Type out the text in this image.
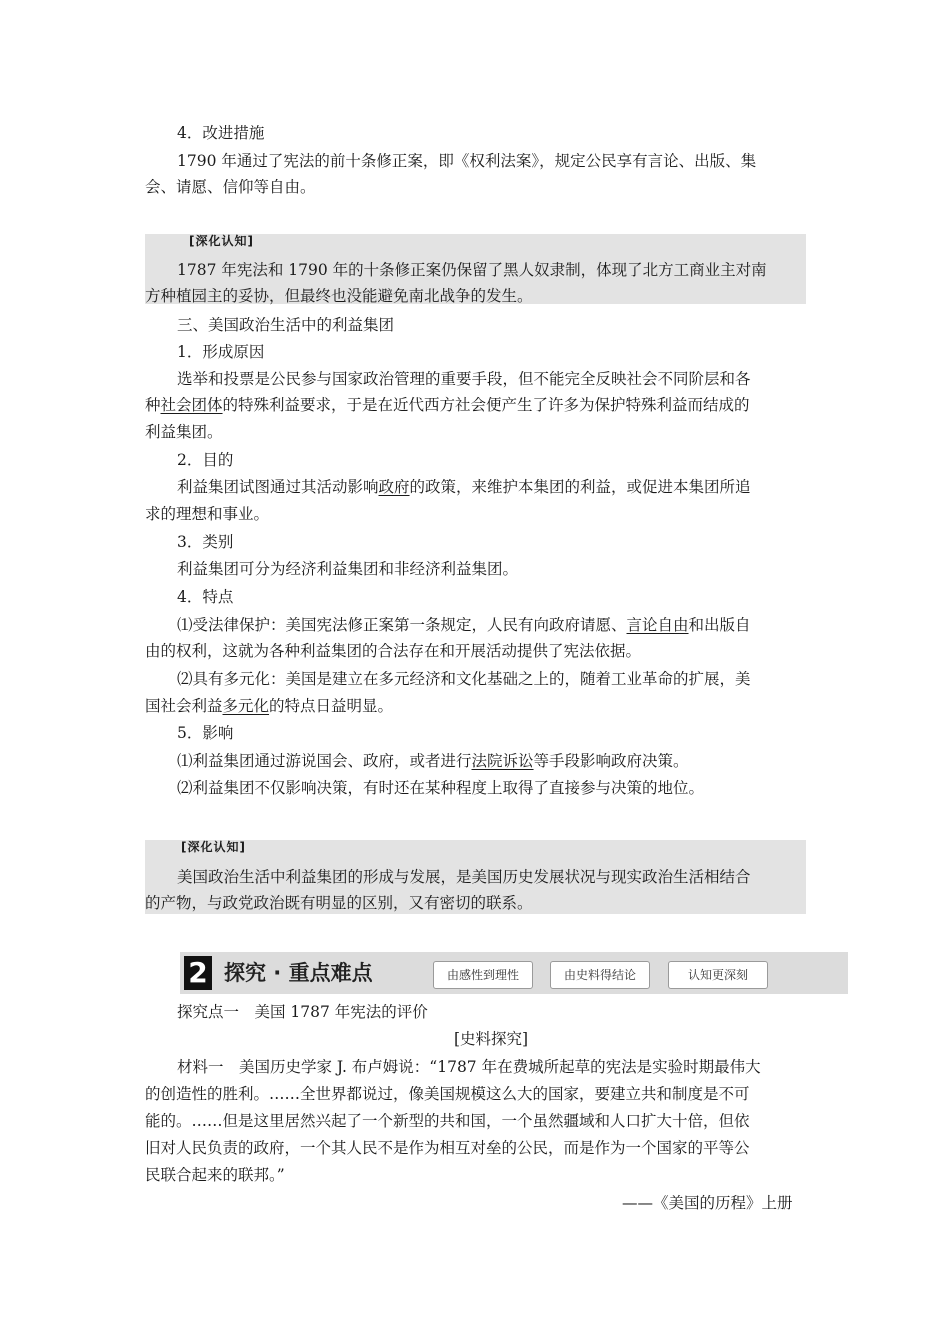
4．改进措施
1790 年通过了宪法的前十条修正案，即《权利法案》，规定公民享有言论、出版、集
会、请愿、信仰等自由。
[深化认知]
1787 年宪法和 1790 年的十条修正案仍保留了黑人奴隶制，体现了北方工商业主对南
方种植园主的妥协，但最终也没能避免南北战争的发生。
三、美国政治生活中的利益集团
1．形成原因
选举和投票是公民参与国家政治管理的重要手段，但不能完全反映社会不同阶层和各
种社会团体的特殊利益要求，于是在近代西方社会便产生了许多为保护特殊利益而结成的
利益集团。
2．目的
利益集团试图通过其活动影响政府的政策，来维护本集团的利益，或促进本集团所追
求的理想和事业。
3．类别
利益集团可分为经济利益集团和非经济利益集团。
4．特点
⑴受法律保护：美国宪法修正案第一条规定，人民有向政府请愿、言论自由和出版自
由的权利，这就为各种利益集团的合法存在和开展活动提供了宪法依据。
⑵具有多元化：美国是建立在多元经济和文化基础之上的，随着工业革命的扩展，美
国社会利益多元化的特点日益明显。
5．影响
⑴利益集团通过游说国会、政府，或者进行法院诉讼等手段影响政府决策。
⑵利益集团不仅影响决策，有时还在某种程度上取得了直接参与决策的地位。
[深化认知]
美国政治生活中利益集团的形成与发展，是美国历史发展状况与现实政治生活相结合
的产物，与政党政治既有明显的区别，又有密切的联系。
2 探究 · 重点难点	由感性到理性	由史料得结论	认知更深刻
探究点一　美国 1787 年宪法的评价
[史料探究]
材料一　美国历史学家 J. 布卢姆说：“1787 年在费城所起草的宪法是实验时期最伟大
的创造性的胜利。……全世界都说过，像美国规模这么大的国家，要建立共和制度是不可
能的。……但是这里居然兴起了一个新型的共和国，一个虽然疆域和人口扩大十倍，但依
旧对人民负责的政府，一个其人民不是作为相互对垒的公民，而是作为一个国家的平等公
民联合起来的联邦。”
——《美国的历程》上册
